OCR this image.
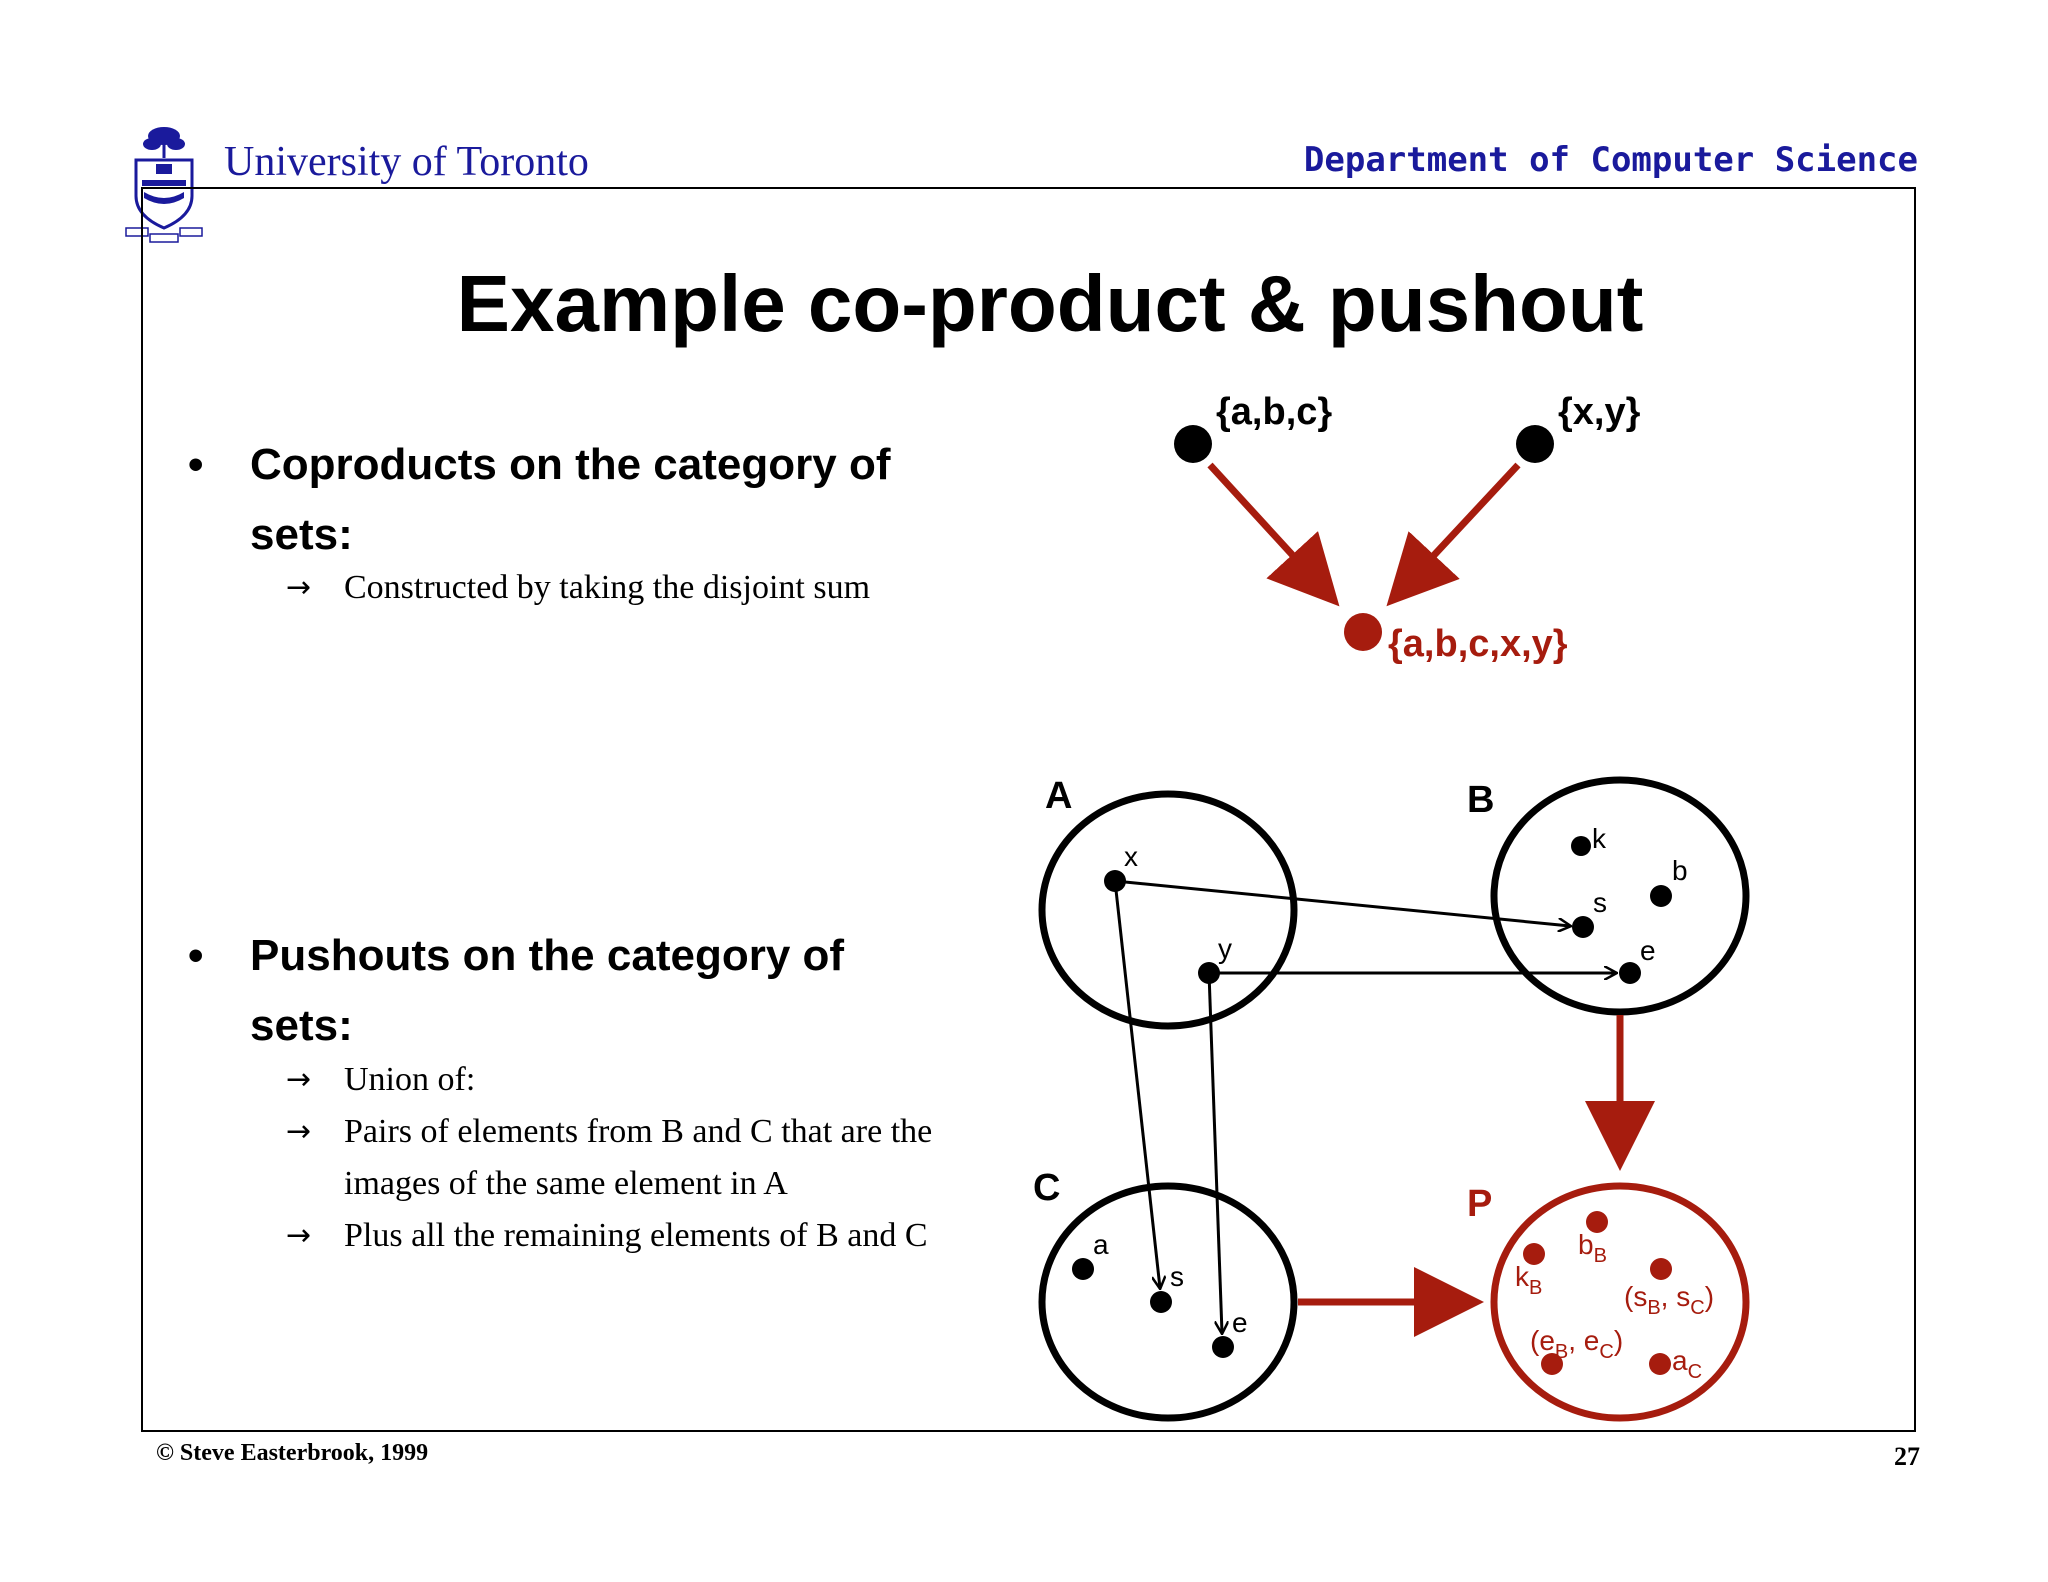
University of Toronto	Department of Computer Science
Example co-product & pushout
• Coproducts on the category of
sets:
→ Constructed by taking the disjoint sum
• Pushouts on the category of
sets:
→ Union of:
→ Pairs of elements from B and C that are the
images of the same element in A
→ Plus all the remaining elements of B and C
{a,b,c}	{x,y}
{a,b,c,x,y}
A	B
C	P
x
y
k
b
s
e
a
s
e
$k_B$
$b_B$
($s_B$, $s_C$)
($e_B$, $e_C$)
$a_C$
© Steve Easterbrook, 1999	27
